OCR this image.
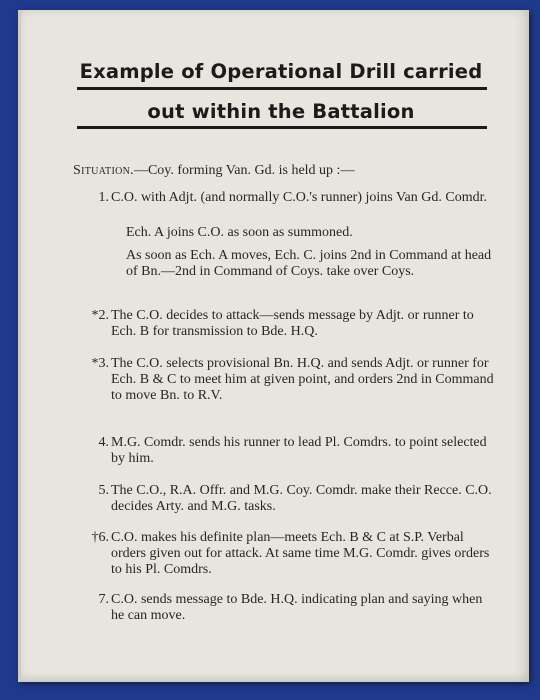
Example of Operational Drill carried
out within the Battalion
Situation.—Coy. forming Van. Gd. is held up :—
1. C.O. with Adjt. (and normally C.O.'s runner) joins Van Gd. Comdr.
Ech. A joins C.O. as soon as summoned.
As soon as Ech. A moves, Ech. C. joins 2nd in Command at head of Bn.—2nd in Command of Coys. take over Coys.
*2. The C.O. decides to attack—sends message by Adjt. or runner to Ech. B for transmission to Bde. H.Q.
*3. The C.O. selects provisional Bn. H.Q. and sends Adjt. or runner for Ech. B & C to meet him at given point, and orders 2nd in Command to move Bn. to R.V.
4. M.G. Comdr. sends his runner to lead Pl. Comdrs. to point selected by him.
5. The C.O., R.A. Offr. and M.G. Coy. Comdr. make their Recce. C.O. decides Arty. and M.G. tasks.
†6. C.O. makes his definite plan—meets Ech. B & C at S.P. Verbal orders given out for attack. At same time M.G. Comdr. gives orders to his Pl. Comdrs.
7. C.O. sends message to Bde. H.Q. indicating plan and saying when he can move.
